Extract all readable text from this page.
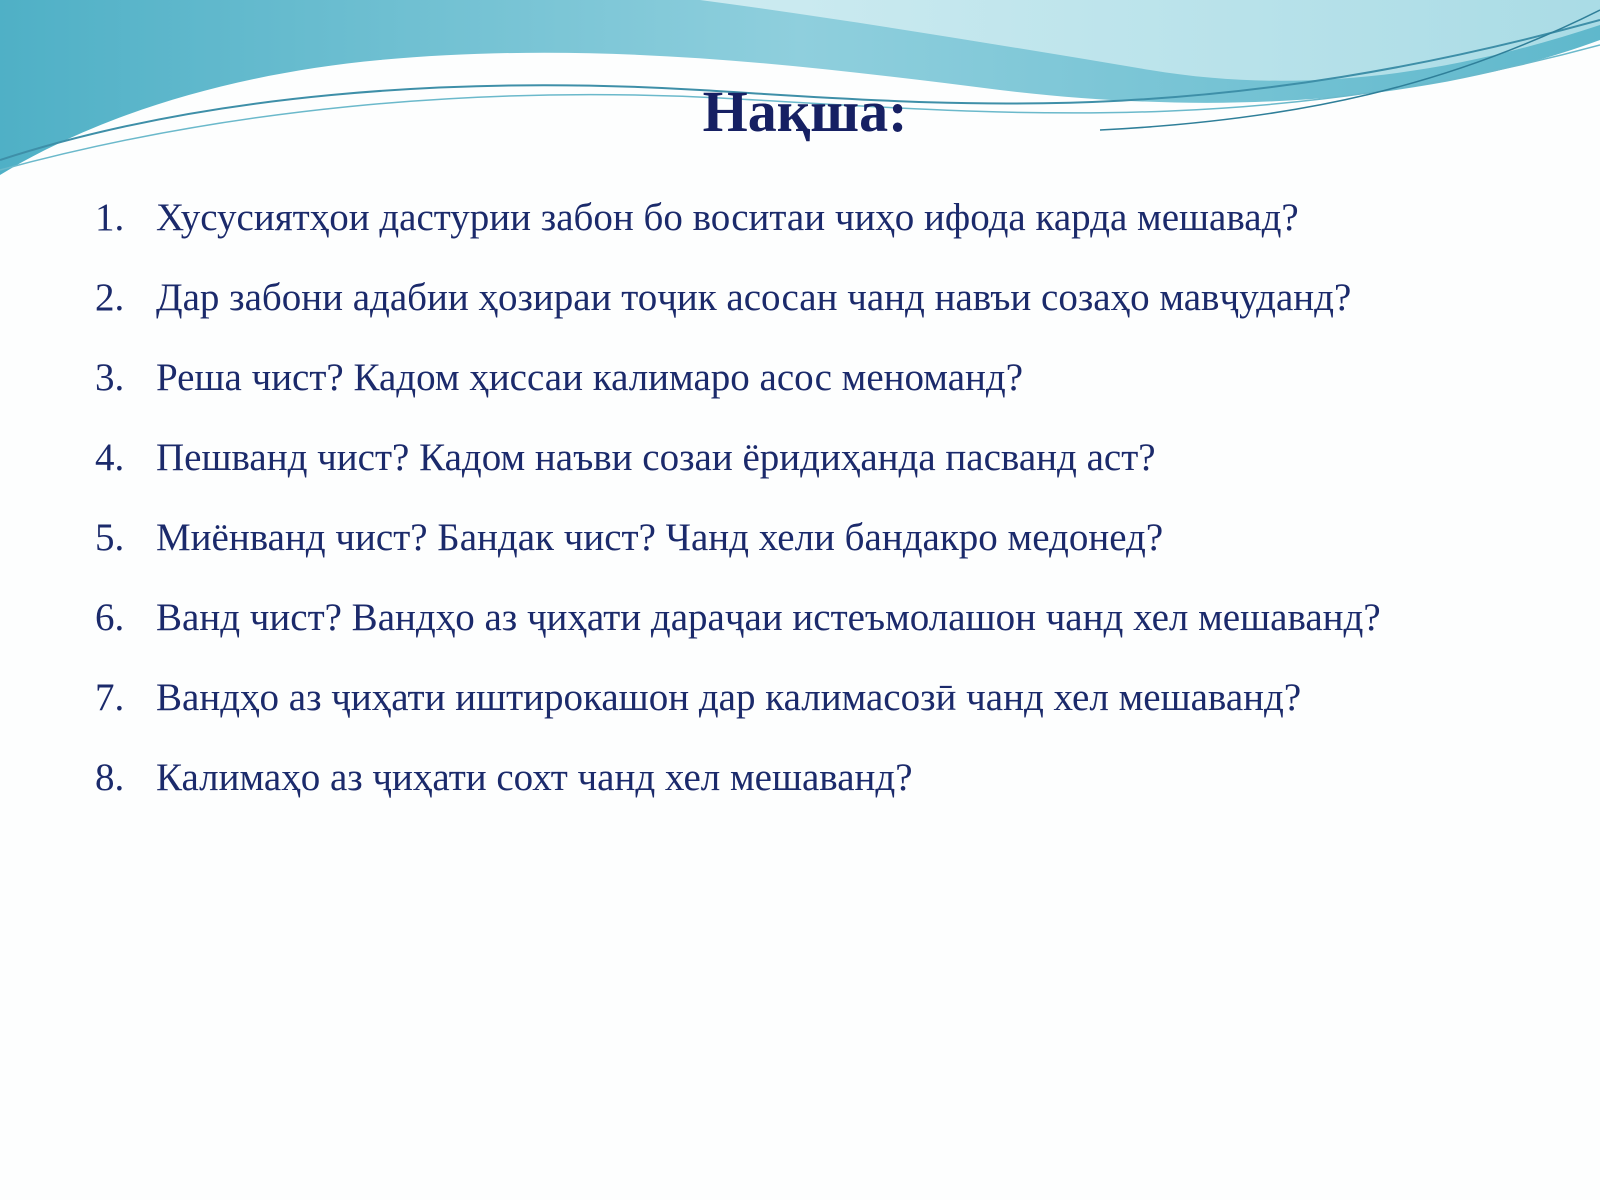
Нақша:
1. Хусусиятҳои дастурии забон бо воситаи чиҳо ифода карда мешавад?
2. Дар забони адабии ҳозираи тоҷик асосан чанд навъи созаҳо мавҷуданд?
3. Реша чист? Кадом ҳиссаи калимаро асос меноманд?
4. Пешванд чист? Кадом наъви созаи ёридиҳанда пасванд аст?
5. Миёнванд чист? Бандак чист? Чанд хели бандакро медонед?
6. Ванд чист? Вандҳо аз ҷиҳати дараҷаи истеъмолашон чанд хел мешаванд?
7. Вандҳо аз ҷиҳати иштирокашон дар калимасозӣ чанд хел мешаванд?
8. Калимаҳо аз ҷиҳати сохт чанд хел мешаванд?
